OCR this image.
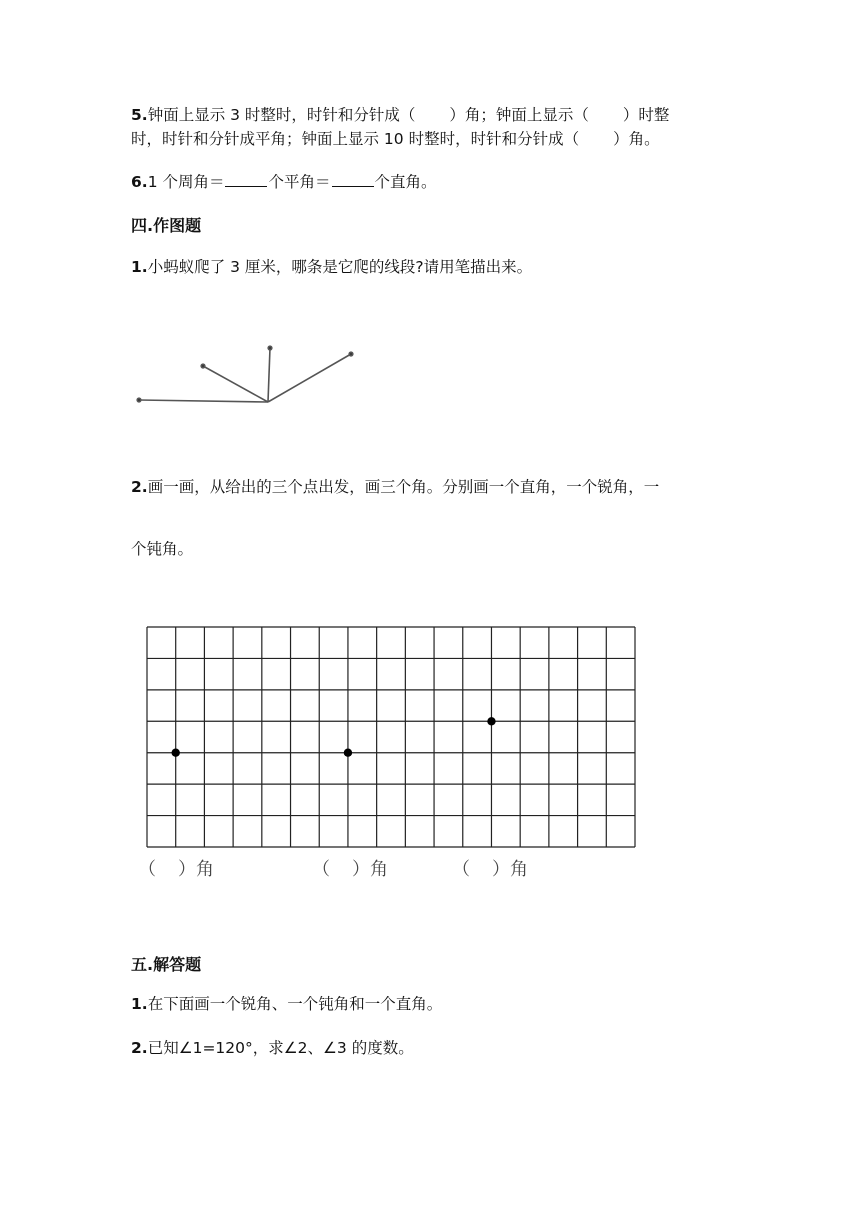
5.钟面上显示 3 时整时，时针和分针成（ ）角；钟面上显示（ ）时整
时，时针和分针成平角；钟面上显示 10 时整时，时针和分针成（ ）角。
6.1 个周角＝	个平角＝	个直角。
四.作图题
1.小蚂蚁爬了 3 厘米，哪条是它爬的线段?请用笔描出来。
2.画一画，从给出的三个点出发，画三个角。分别画一个直角，一个锐角，一
个钝角。
（ ）角	（ ）角	（ ）角
五.解答题
1.在下面画一个锐角、一个钝角和一个直角。
2.已知∠1=120°，求∠2、∠3 的度数。
